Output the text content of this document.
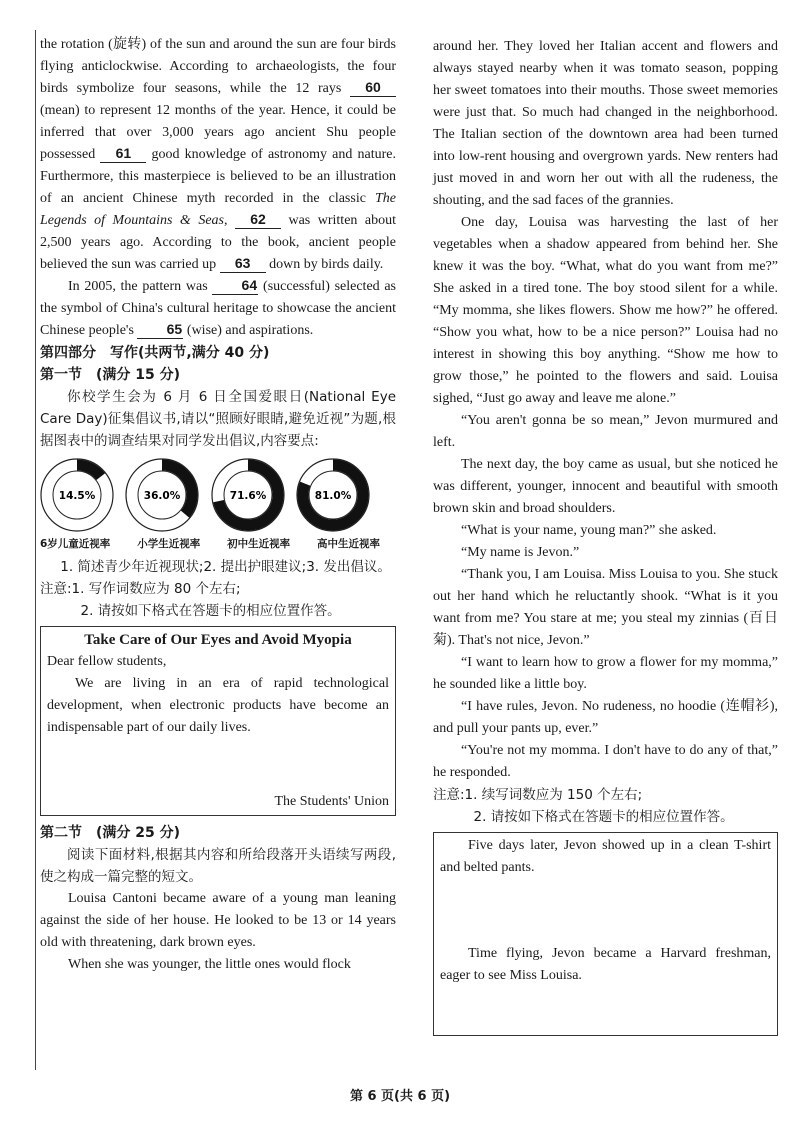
the rotation (旋转) of the sun and around the sun are four birds flying anticlockwise. According to archaeologists, the four birds symbolize four seasons, while the 12 rays 60 (mean) to represent 12 months of the year. Hence, it could be inferred that over 3,000 years ago ancient Shu people possessed 61 good knowledge of astronomy and nature. Furthermore, this masterpiece is believed to be an illustration of an ancient Chinese myth recorded in the classic The Legends of Mountains & Seas, 62 was written about 2,500 years ago. According to the book, ancient people believed the sun was carried up 63 down by birds daily.

In 2005, the pattern was 64 (successful) selected as the symbol of China's cultural heritage to showcase the ancient Chinese people's 65 (wise) and aspirations.

第四部分　写作(共两节,满分 40 分)

第一节　(满分 15 分)

你校学生会为 6 月 6 日全国爱眼日(National Eye Care Day)征集倡议书,请以“照顾好眼睛,避免近视”为题,根据图表中的调查结果对同学发出倡议,内容要点:

14.5%	36.0%	71.6%	81.0%
6岁儿童近视率	小学生近视率	初中生近视率	高中生近视率

1. 简述青少年近视现状;2. 提出护眼建议;3. 发出倡议。

注意:1. 写作词数应为 80 个左右;

2. 请按如下格式在答题卡的相应位置作答。

Take Care of Our Eyes and Avoid Myopia

Dear fellow students,

We are living in an era of rapid technological development, when electronic products have become an indispensable part of our daily lives.

The Students' Union

第二节　(满分 25 分)

阅读下面材料,根据其内容和所给段落开头语续写两段,使之构成一篇完整的短文。

Louisa Cantoni became aware of a young man leaning against the side of her house. He looked to be 13 or 14 years old with threatening, dark brown eyes.

When she was younger, the little ones would flock

around her. They loved her Italian accent and flowers and always stayed nearby when it was tomato season, popping her sweet tomatoes into their mouths. Those sweet memories were just that. So much had changed in the neighborhood. The Italian section of the downtown area had been turned into low-rent housing and overgrown yards. New renters had just moved in and worn her out with all the rudeness, the shouting, and the sad faces of the grannies.

One day, Louisa was harvesting the last of her vegetables when a shadow appeared from behind her. She knew it was the boy. “What, what do you want from me?” She asked in a tired tone. The boy stood silent for a while. “My momma, she likes flowers. Show me how?” he offered. “Show you what, how to be a nice person?” Louisa had no interest in showing this boy anything. “Show me how to grow those,” he pointed to the flowers and said. Louisa sighed, “Just go away and leave me alone.”

“You aren't gonna be so mean,” Jevon murmured and left.

The next day, the boy came as usual, but she noticed he was different, younger, innocent and beautiful with smooth brown skin and broad shoulders.

“What is your name, young man?” she asked.

“My name is Jevon.”

“Thank you, I am Louisa. Miss Louisa to you. She stuck out her hand which he reluctantly shook. “What is it you want from me? You stare at me; you steal my zinnias (百日菊). That's not nice, Jevon.”

“I want to learn how to grow a flower for my momma,” he sounded like a little boy.

“I have rules, Jevon. No rudeness, no hoodie (连帽衫), and pull your pants up, ever.”

“You're not my momma. I don't have to do any of that,” he responded.

注意:1. 续写词数应为 150 个左右;

2. 请按如下格式在答题卡的相应位置作答。

Five days later, Jevon showed up in a clean T-shirt and belted pants.

Time flying, Jevon became a Harvard freshman, eager to see Miss Louisa.

第 6 页(共 6 页)
